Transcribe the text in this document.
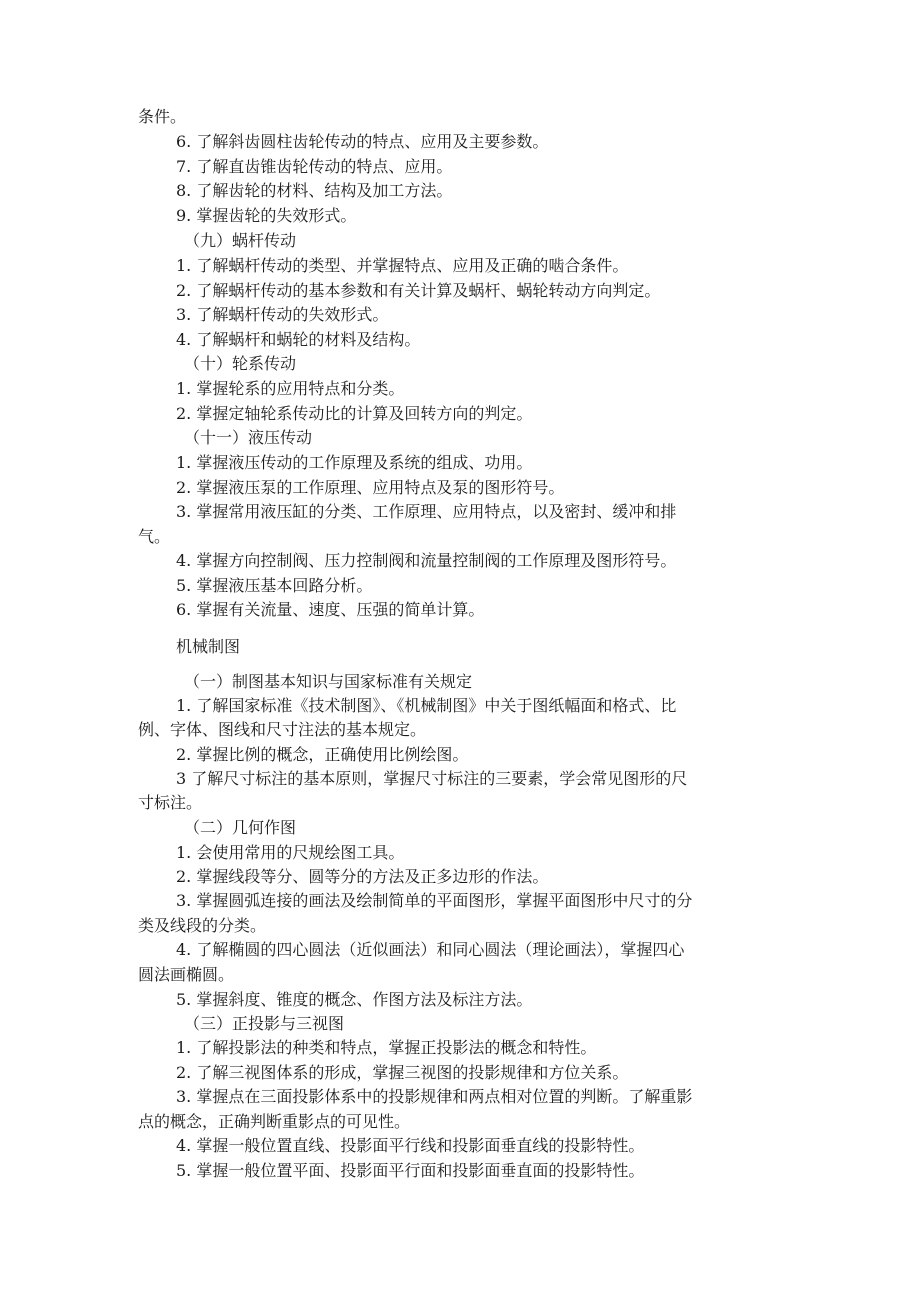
条件。
6. 了解斜齿圆柱齿轮传动的特点、应用及主要参数。
7. 了解直齿锥齿轮传动的特点、应用。
8. 了解齿轮的材料、结构及加工方法。
9. 掌握齿轮的失效形式。
（九）蜗杆传动
1. 了解蜗杆传动的类型、并掌握特点、应用及正确的啮合条件。
2. 了解蜗杆传动的基本参数和有关计算及蜗杆、蜗轮转动方向判定。
3. 了解蜗杆传动的失效形式。
4. 了解蜗杆和蜗轮的材料及结构。
（十）轮系传动
1. 掌握轮系的应用特点和分类。
2. 掌握定轴轮系传动比的计算及回转方向的判定。
（十一）液压传动
1. 掌握液压传动的工作原理及系统的组成、功用。
2. 掌握液压泵的工作原理、应用特点及泵的图形符号。
3. 掌握常用液压缸的分类、工作原理、应用特点，以及密封、缓冲和排
气。
4. 掌握方向控制阀、压力控制阀和流量控制阀的工作原理及图形符号。
5. 掌握液压基本回路分析。
6. 掌握有关流量、速度、压强的简单计算。
机械制图
（一）制图基本知识与国家标准有关规定
1. 了解国家标准《技术制图》、《机械制图》中关于图纸幅面和格式、比
例、字体、图线和尺寸注法的基本规定。
2. 掌握比例的概念，正确使用比例绘图。
3 了解尺寸标注的基本原则，掌握尺寸标注的三要素，学会常见图形的尺
寸标注。
（二）几何作图
1. 会使用常用的尺规绘图工具。
2. 掌握线段等分、圆等分的方法及正多边形的作法。
3. 掌握圆弧连接的画法及绘制简单的平面图形，掌握平面图形中尺寸的分
类及线段的分类。
4. 了解椭圆的四心圆法（近似画法）和同心圆法（理论画法），掌握四心
圆法画椭圆。
5. 掌握斜度、锥度的概念、作图方法及标注方法。
（三）正投影与三视图
1. 了解投影法的种类和特点，掌握正投影法的概念和特性。
2. 了解三视图体系的形成，掌握三视图的投影规律和方位关系。
3. 掌握点在三面投影体系中的投影规律和两点相对位置的判断。了解重影
点的概念，正确判断重影点的可见性。
4. 掌握一般位置直线、投影面平行线和投影面垂直线的投影特性。
5. 掌握一般位置平面、投影面平行面和投影面垂直面的投影特性。
